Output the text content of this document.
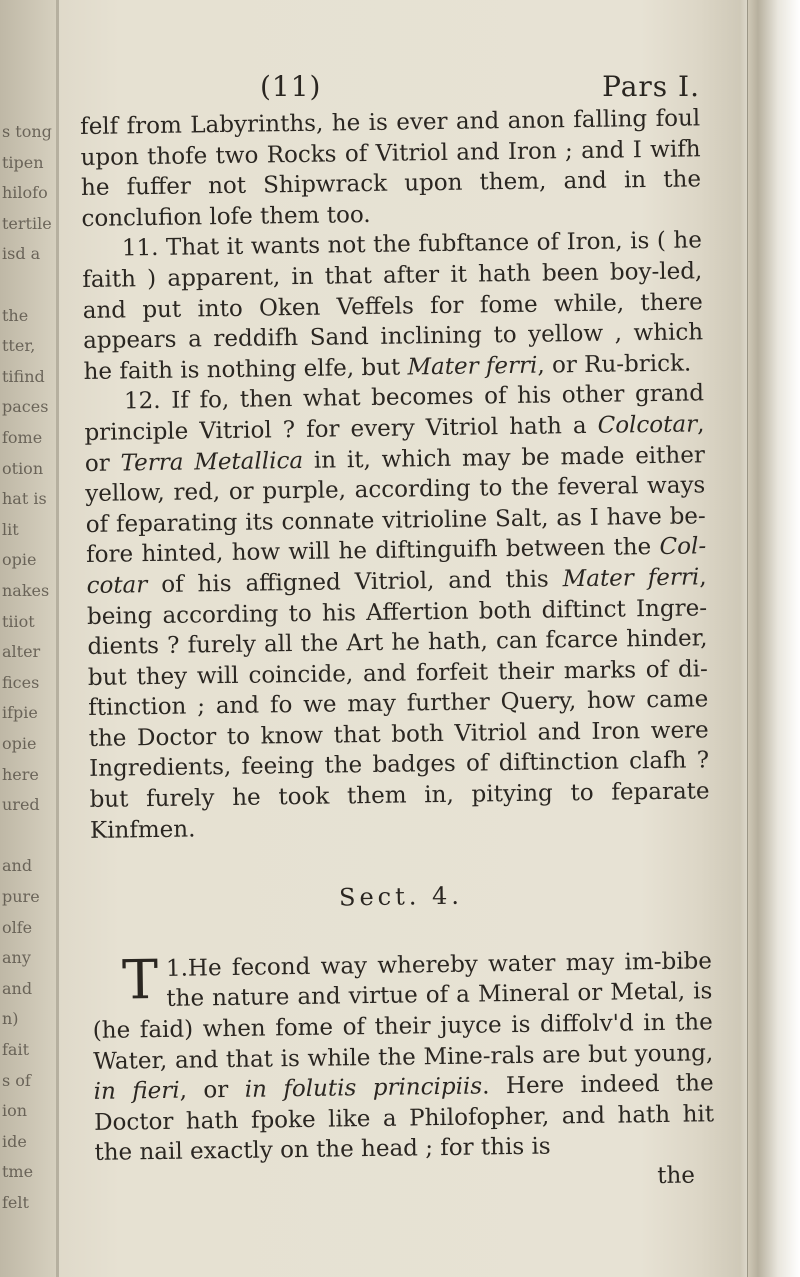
s tong
tipen
hilofo
tertile
isd a
the
tter,
tifind
paces
fome
otion
hat is
lit
opie
nakes
tiiot
alter
fices
ifpie
opie
here
ured
and
pure
olfe
any
and
n)
fait
s of
ion
ide
tme
felt
(11)	Pars I.

felf from Labyrinths, he is ever and anon falling foul upon thofe two Rocks of Vitriol and Iron ; and I wifh he fuffer not Shipwrack upon them, and in the conclufion lofe them too.

11. That it wants not the fubftance of Iron, is ( he faith ) apparent, in that after it hath been boy-led, and put into Oken Veffels for fome while, there appears a reddifh Sand inclining to yellow , which he faith is nothing elfe, but Mater ferri, or Ru-brick.

12. If fo, then what becomes of his other grand principle Vitriol ? for every Vitriol hath a Colcotar, or Terra Metallica in it, which may be made either yellow, red, or purple, according to the feveral ways of feparating its connate vitrioline Salt, as I have be-fore hinted, how will he diftinguifh between the Col-cotar of his affigned Vitriol, and this Mater ferri, being according to his Affertion both diftinct Ingre-dients ? furely all the Art he hath, can fcarce hinder, but they will coincide, and forfeit their marks of di-ftinction ; and fo we may further Query, how came the Doctor to know that both Vitriol and Iron were Ingredients, feeing the badges of diftinction clafh ? but furely he took them in, pitying to feparate Kinfmen.

Sect. 4.

1.
T He fecond way whereby water may im-bibe the nature and virtue of a Mineral or Metal, is (he faid) when fome of their juyce is diffolv'd in the Water, and that is while the Mine-rals are but young, in fieri, or in folutis principiis. Here indeed the Doctor hath fpoke like a Philofopher, and hath hit the nail exactly on the head ; for this is

the
